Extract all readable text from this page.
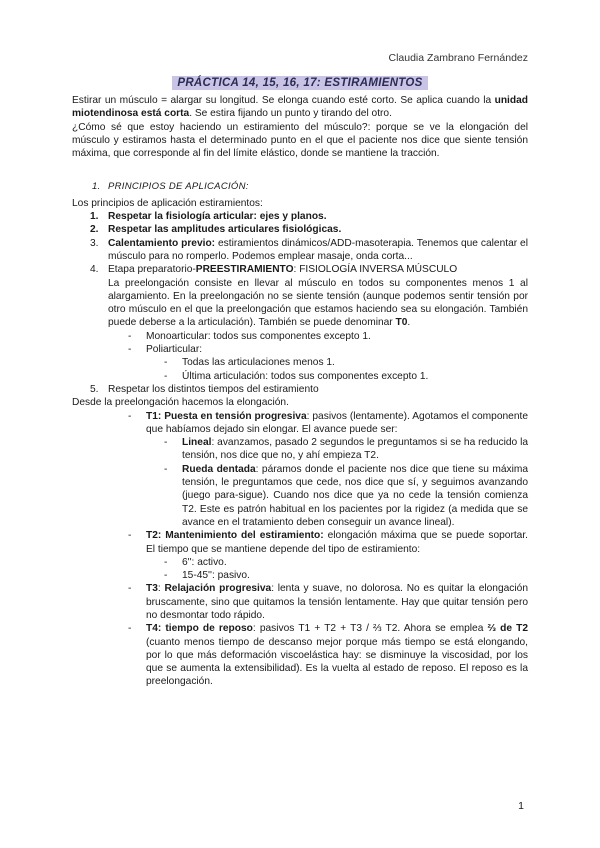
Claudia Zambrano Fernández
PRÁCTICA 14, 15, 16, 17: ESTIRAMIENTOS

Estirar un músculo = alargar su longitud. Se elonga cuando esté corto. Se aplica cuando la unidad miotendinosa está corta. Se estira fijando un punto y tirando del otro.

¿Cómo sé que estoy haciendo un estiramiento del músculo?: porque se ve la elongación del músculo y estiramos hasta el determinado punto en el que el paciente nos dice que siente tensión máxima, que corresponde al fin del límite elástico, donde se mantiene la tracción.

1. PRINCIPIOS DE APLICACIÓN:

Los principios de aplicación estiramientos:

1. Respetar la fisiología articular: ejes y planos.
2. Respetar las amplitudes articulares fisiológicas.
3. Calentamiento previo: estiramientos dinámicos/ADD-masoterapia. Tenemos que calentar el músculo para no romperlo. Podemos emplear masaje, onda corta...
4. Etapa preparatorio-PREESTIRAMIENTO: FISIOLOGÍA INVERSA MÚSCULO
La preelongación consiste en llevar al músculo en todos su componentes menos 1 al alargamiento. En la preelongación no se siente tensión (aunque podemos sentir tensión por otro músculo en el que la preelongación que estamos haciendo sea su elongación. También puede deberse a la articulación). También se puede denominar T0.
- Monoarticular: todos sus componentes excepto 1.
- Poliarticular:
- Todas las articulaciones menos 1.
- Última articulación: todos sus componentes excepto 1.
5. Respetar los distintos tiempos del estiramiento

Desde la preelongación hacemos la elongación.

- T1: Puesta en tensión progresiva: pasivos (lentamente). Agotamos el componente que habíamos dejado sin elongar. El avance puede ser:
- Lineal: avanzamos, pasado 2 segundos le preguntamos si se ha reducido la tensión, nos dice que no, y ahí empieza T2.
- Rueda dentada: páramos donde el paciente nos dice que tiene su máxima tensión, le preguntamos que cede, nos dice que sí, y seguimos avanzando (juego para-sigue). Cuando nos dice que ya no cede la tensión comienza T2. Este es patrón habitual en los pacientes por la rigidez (a medida que se avance en el tratamiento deben conseguir un avance lineal).
- T2: Mantenimiento del estiramiento: elongación máxima que se puede soportar. El tiempo que se mantiene depende del tipo de estiramiento:
- 6'': activo.
- 15-45'': pasivo.
- T3: Relajación progresiva: lenta y suave, no dolorosa. No es quitar la elongación bruscamente, sino que quitamos la tensión lentamente. Hay que quitar tensión pero no desmontar todo rápido.
- T4: tiempo de reposo: pasivos T1 + T2 + T3 / ⅔ T2. Ahora se emplea ⅔ de T2 (cuanto menos tiempo de descanso mejor porque más tiempo se está elongando, por lo que más deformación viscoelástica hay: se disminuye la viscosidad, por los que se aumenta la extensibilidad). Es la vuelta al estado de reposo. El reposo es la preelongación.
1
